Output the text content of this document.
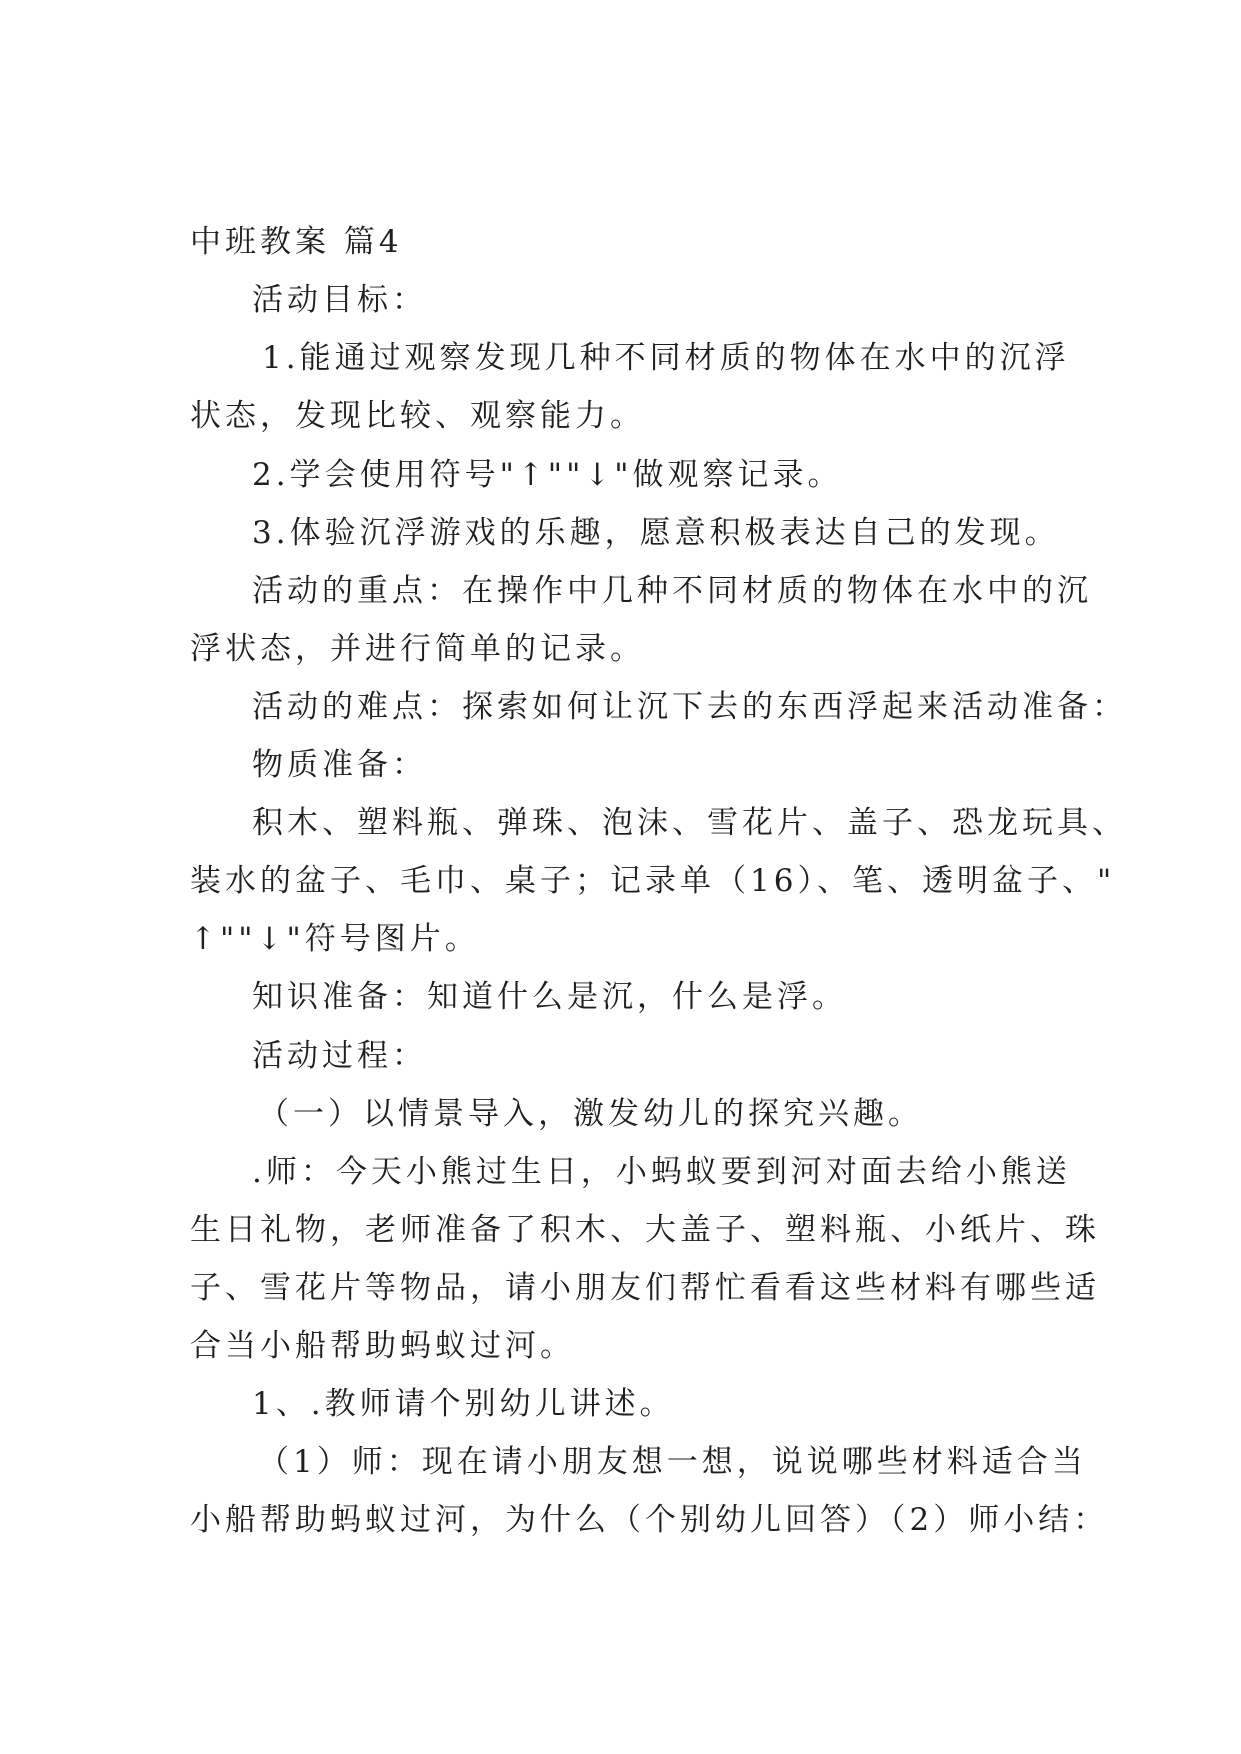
中班教案 篇4
活动目标：
1.能通过观察发现几种不同材质的物体在水中的沉浮
状态，发现比较、观察能力。
2.学会使用符号"↑""↓"做观察记录。
3.体验沉浮游戏的乐趣，愿意积极表达自己的发现。
活动的重点：在操作中几种不同材质的物体在水中的沉
浮状态，并进行简单的记录。
活动的难点：探索如何让沉下去的东西浮起来活动准备：
物质准备：
积木、塑料瓶、弹珠、泡沫、雪花片、盖子、恐龙玩具、
装水的盆子、毛巾、桌子；记录单（16）、笔、透明盆子、"
↑""↓"符号图片。
知识准备：知道什么是沉，什么是浮。
活动过程：
（一）以情景导入，激发幼儿的探究兴趣。
.师：今天小熊过生日，小蚂蚁要到河对面去给小熊送
生日礼物，老师准备了积木、大盖子、塑料瓶、小纸片、珠
子、雪花片等物品，请小朋友们帮忙看看这些材料有哪些适
合当小船帮助蚂蚁过河。
1、.教师请个别幼儿讲述。
（1）师：现在请小朋友想一想，说说哪些材料适合当
小船帮助蚂蚁过河，为什么（个别幼儿回答）（2）师小结：
